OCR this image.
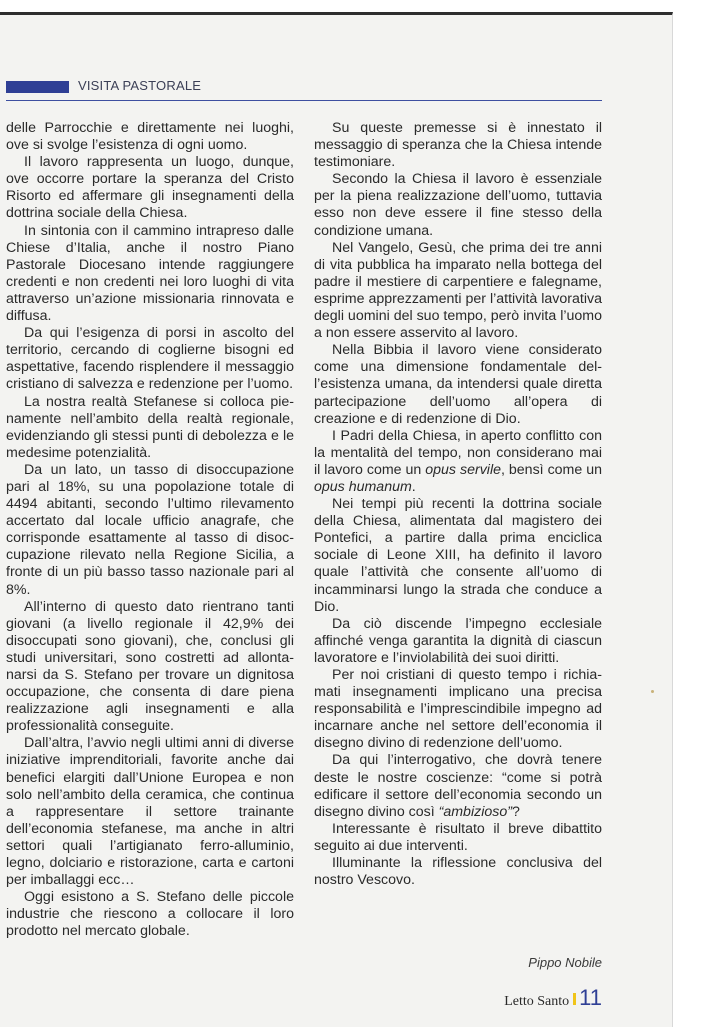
VISITA PASTORALE

delle Parrocchie e direttamente nei luoghi, ove si svolge l’esistenza di ogni uomo.

Il lavoro rappresenta un luogo, dunque, ove occorre portare la speranza del Cristo Risorto ed affermare gli insegnamenti della dottrina sociale della Chiesa.

In sintonia con il cammino intrapreso dalle Chiese d’Italia, anche il nostro Piano Pastorale Diocesano intende raggiungere credenti e non credenti nei loro luoghi di vita attraverso un’azione missionaria rinnovata e diffusa.

Da qui l’esigenza di porsi in ascolto del territorio, cercando di coglierne bisogni ed aspettative, facendo risplendere il messaggio cristiano di salvezza e redenzione per l’uomo.

La nostra realtà Stefanese si colloca pienamente nell’ambito della realtà regionale, evidenziando gli stessi punti di debolezza e le medesime potenzialità.

Da un lato, un tasso di disoccupazione pari al 18%, su una popolazione totale di 4494 abitanti, secondo l’ultimo rilevamento accertato dal locale ufficio anagrafe, che corrisponde esattamente al tasso di disoccupazione rilevato nella Regione Sicilia, a fronte di un più basso tasso nazionale pari al 8%.

All’interno di questo dato rientrano tanti giovani (a livello regionale il 42,9% dei disoccupati sono giovani), che, conclusi gli studi universitari, sono costretti ad allontanarsi da S. Stefano per trovare un dignitosa occupazione, che consenta di dare piena realizzazione agli insegnamenti e alla professionalità conseguite.

Dall’altra, l’avvio negli ultimi anni di diverse iniziative imprenditoriali, favorite anche dai benefici elargiti dall’Unione Europea e non solo nell’ambito della ceramica, che continua a rappresentare il settore trainante dell’economia stefanese, ma anche in altri settori quali l’artigianato ferro-alluminio, legno, dolciario e ristorazione, carta e cartoni per imballaggi ecc…

Oggi esistono a S. Stefano delle piccole industrie che riescono a collocare il loro prodotto nel mercato globale.

Su queste premesse si è innestato il messaggio di speranza che la Chiesa intende testimoniare.

Secondo la Chiesa il lavoro è essenziale per la piena realizzazione dell’uomo, tuttavia esso non deve essere il fine stesso della condizione umana.

Nel Vangelo, Gesù, che prima dei tre anni di vita pubblica ha imparato nella bottega del padre il mestiere di carpentiere e falegname, esprime apprezzamenti per l’attività lavorativa degli uomini del suo tempo, però invita l’uomo a non essere asservito al lavoro.

Nella Bibbia il lavoro viene considerato come una dimensione fondamentale dell’esistenza umana, da intendersi quale diretta partecipazione dell’uomo all’opera di creazione e di redenzione di Dio.

I Padri della Chiesa, in aperto conflitto con la mentalità del tempo, non considerano mai il lavoro come un opus servile, bensì come un opus humanum.

Nei tempi più recenti la dottrina sociale della Chiesa, alimentata dal magistero dei Pontefici, a partire dalla prima enciclica sociale di Leone XIII, ha definito il lavoro quale l’attività che consente all’uomo di incamminarsi lungo la strada che conduce a Dio.

Da ciò discende l’impegno ecclesiale affinché venga garantita la dignità di ciascun lavoratore e l’inviolabilità dei suoi diritti.

Per noi cristiani di questo tempo i richiamati insegnamenti implicano una precisa responsabilità e l’imprescindibile impegno ad incarnare anche nel settore dell’economia il disegno divino di redenzione dell’uomo.

Da qui l’interrogativo, che dovrà tenere deste le nostre coscienze: “come si potrà edificare il settore dell’economia secondo un disegno divino così “ambizioso”?

Interessante è risultato il breve dibattito seguito ai due interventi.

Illuminante la riflessione conclusiva del nostro Vescovo.

Pippo Nobile
Letto Santo 11
